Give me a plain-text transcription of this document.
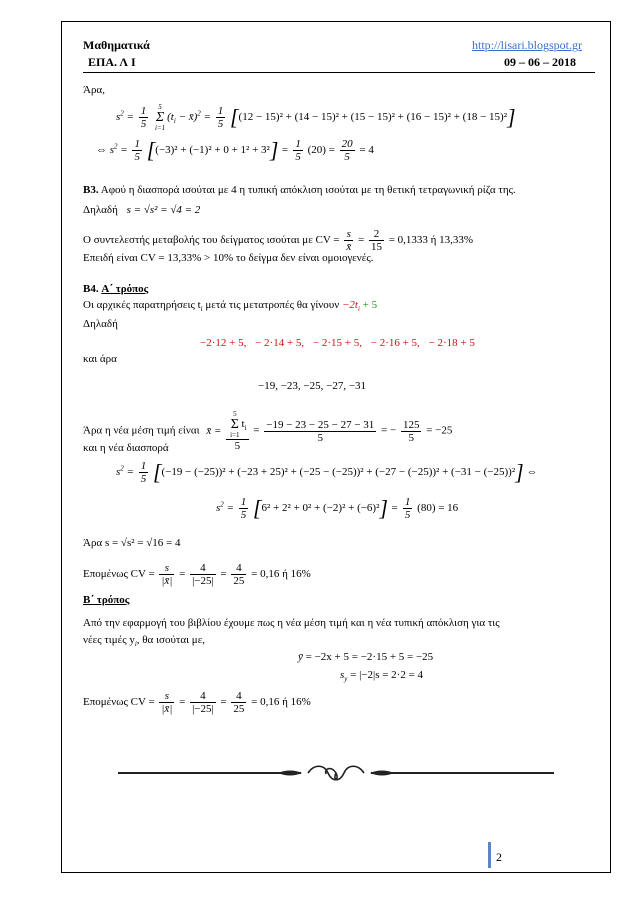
Μαθηματικά	http://lisari.blogspot.gr
ΕΠΑ. Λ Ι	09 – 06 – 2018
Άρα,
$s^2 = \frac{1}{5} 5$
Σ
$i=1(t_i$ − x̄)$^2$ = $\frac{1}{5} [(12 - 15)^2 + (14 - 15)^2 + (15 - 15)^2 + (16 - 15)^2 + (18 - 15)^2]$
⇔ $s^2 = \frac{1}{5} [(-3)^2 + (-1)^2 + 0 + 1^2 + 3^2] = \frac{1}{5} (20) = \frac{20}{5} = 4$
Β3. Αφού η διασπορά ισούται με 4 η τυπική απόκλιση ισούται με τη θετική τετραγωνική ρίζα της.
Δηλαδή s = √s² = √4 = 2
Ο συντελεστής μεταβολής του δείγματος ισούται με CV = $\frac{s}{x̄} = \frac{2}{15} = 0,1333$ ή 13,33%
Επειδή είναι CV = 13,33% > 10% το δείγμα δεν είναι ομοιογενές.
Β4. Α΄ τρόπος
Οι αρχικές παρατηρήσεις $t_i$ μετά τις μετατροπές θα $\gamma ί\nu o\upsilon\nu -2t_i + 5$
Δηλαδή
−2·12 + 5, − 2·14 + 5, − 2·15 + 5, − 2·16 + 5, − 2·18 + 5
και άρα
−19, −23, −25, −27, −31
Άρα η νέα μέση τιμή είναι x̄ = 5
Σ
$i=1t_i$
$5 = \frac{-19 - 23 - 25 - 27 - 31}{5}$ = − $\frac{125}{5} = -25$
και η νέα διασπορά
$s^2 = \frac{1}{5} [(-19 - (-25))^2 + (-23 + 25)^2 + (-25 - (-25))^2 + (-27 - (-25))^2 + (-31 - (-25))^2]$ ⇔
$s^2 = \frac{1}{5} [6^2 + 2^2 + 0^2 + (-2)^2 + (-6)^2] = \frac{1}{5} (80) = 16$
Άρα s = √s² = √16 = 4
Επομένως CV = $\frac{s}{|x̄|} = \frac{4}{|-25|} = \frac{4}{25} = 0,16$ ή 16%
Β΄ τρόπος
Από την εφαρμογή του βιβλίου έχουμε πως η νέα μέση τιμή και η νέα τυπική απόκλιση για τις
νέες τιμές $y_i$, θα ισούται με,
ȳ = −2x + 5 = −2·15 + 5 = −25
$s_y = |-2|s = 2\cdot 2 = 4$
Επομένως CV = $\frac{s}{|x̄|} = \frac{4}{|-25|} = \frac{4}{25} = 0,16$ ή 16%
2
